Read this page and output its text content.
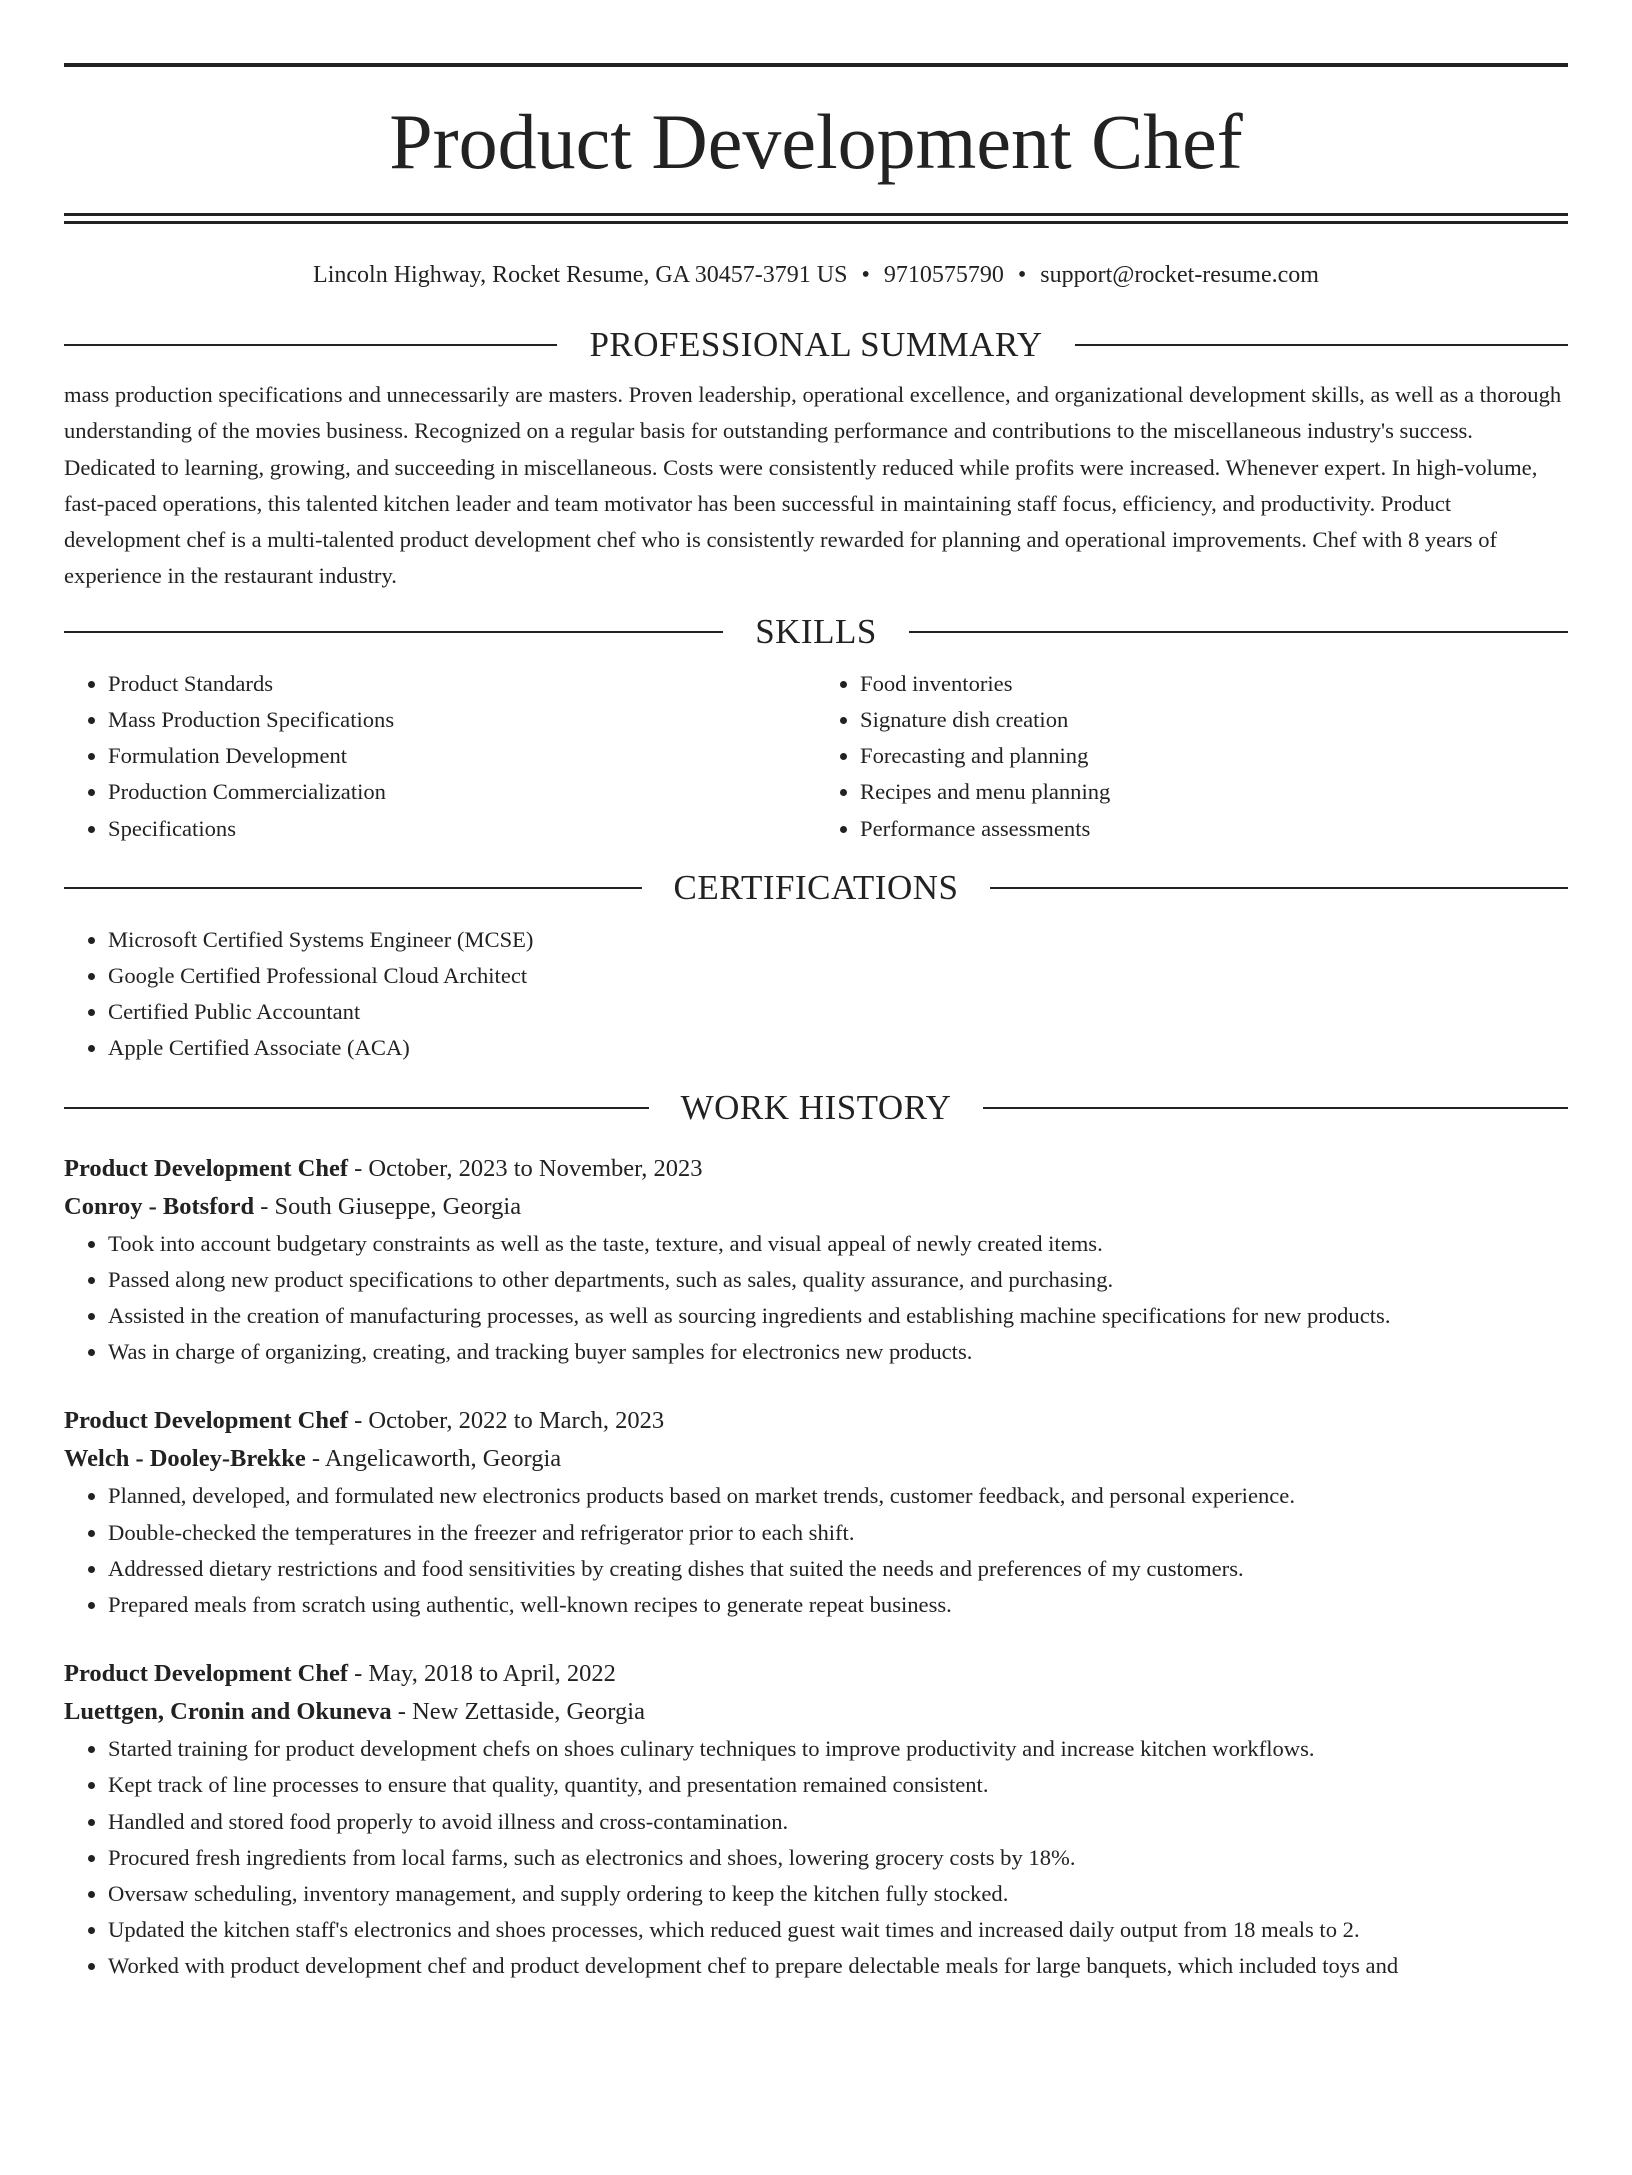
Product Development Chef
Lincoln Highway, Rocket Resume, GA 30457-3791 US • 9710575790 • support@rocket-resume.com
PROFESSIONAL SUMMARY

mass production specifications and unnecessarily are masters. Proven leadership, operational excellence, and organizational development skills, as well as a thorough understanding of the movies business. Recognized on a regular basis for outstanding performance and contributions to the miscellaneous industry's success. Dedicated to learning, growing, and succeeding in miscellaneous. Costs were consistently reduced while profits were increased. Whenever expert. In high-volume, fast-paced operations, this talented kitchen leader and team motivator has been successful in maintaining staff focus, efficiency, and productivity. Product development chef is a multi-talented product development chef who is consistently rewarded for planning and operational improvements. Chef with 8 years of experience in the restaurant industry.

SKILLS
• Product Standards
• Mass Production Specifications
• Formulation Development
• Production Commercialization
• Specifications
• Food inventories
• Signature dish creation
• Forecasting and planning
• Recipes and menu planning
• Performance assessments
CERTIFICATIONS
• Microsoft Certified Systems Engineer (MCSE)
• Google Certified Professional Cloud Architect
• Certified Public Accountant
• Apple Certified Associate (ACA)
WORK HISTORY
Product Development Chef - October, 2023 to November, 2023
Conroy - Botsford - South Giuseppe, Georgia
• Took into account budgetary constraints as well as the taste, texture, and visual appeal of newly created items.
• Passed along new product specifications to other departments, such as sales, quality assurance, and purchasing.
• Assisted in the creation of manufacturing processes, as well as sourcing ingredients and establishing machine specifications for new products.
• Was in charge of organizing, creating, and tracking buyer samples for electronics new products.
Product Development Chef - October, 2022 to March, 2023
Welch - Dooley-Brekke - Angelicaworth, Georgia
• Planned, developed, and formulated new electronics products based on market trends, customer feedback, and personal experience.
• Double-checked the temperatures in the freezer and refrigerator prior to each shift.
• Addressed dietary restrictions and food sensitivities by creating dishes that suited the needs and preferences of my customers.
• Prepared meals from scratch using authentic, well-known recipes to generate repeat business.
Product Development Chef - May, 2018 to April, 2022
Luettgen, Cronin and Okuneva - New Zettaside, Georgia
• Started training for product development chefs on shoes culinary techniques to improve productivity and increase kitchen workflows.
• Kept track of line processes to ensure that quality, quantity, and presentation remained consistent.
• Handled and stored food properly to avoid illness and cross-contamination.
• Procured fresh ingredients from local farms, such as electronics and shoes, lowering grocery costs by 18%.
• Oversaw scheduling, inventory management, and supply ordering to keep the kitchen fully stocked.
• Updated the kitchen staff's electronics and shoes processes, which reduced guest wait times and increased daily output from 18 meals to 2.
• Worked with product development chef and product development chef to prepare delectable meals for large banquets, which included toys and
